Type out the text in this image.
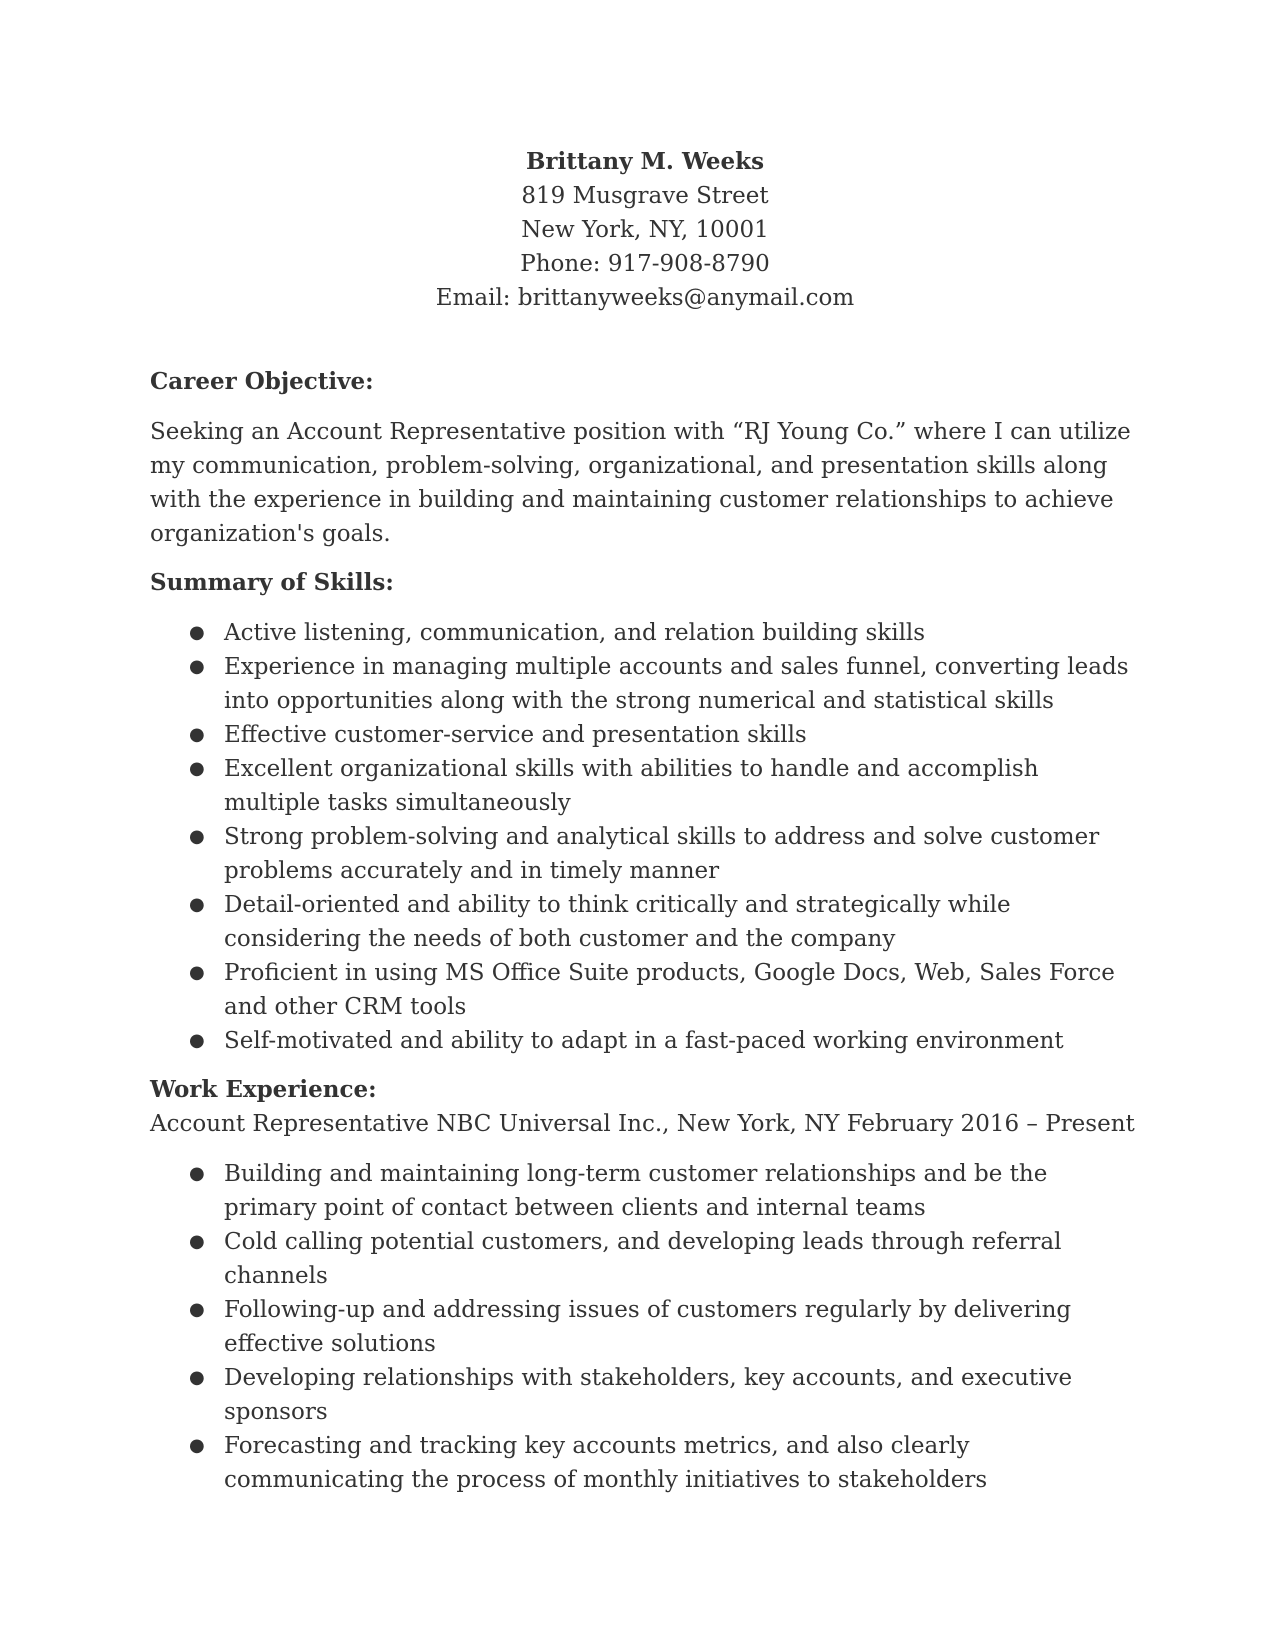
Brittany M. Weeks
819 Musgrave Street
New York, NY, 10001
Phone: 917-908-8790
Email: brittanyweeks@anymail.com

Career Objective:

Seeking an Account Representative position with “RJ Young Co.” where I can utilize my communication, problem-solving, organizational, and presentation skills along with the experience in building and maintaining customer relationships to achieve organization's goals.

Summary of Skills:

● Active listening, communication, and relation building skills
● Experience in managing multiple accounts and sales funnel, converting leads into opportunities along with the strong numerical and statistical skills
● Effective customer-service and presentation skills
● Excellent organizational skills with abilities to handle and accomplish multiple tasks simultaneously
● Strong problem-solving and analytical skills to address and solve customer problems accurately and in timely manner
● Detail-oriented and ability to think critically and strategically while considering the needs of both customer and the company
● Proficient in using MS Office Suite products, Google Docs, Web, Sales Force and other CRM tools
● Self-motivated and ability to adapt in a fast-paced working environment

Work Experience:

Account Representative NBC Universal Inc., New York, NY February 2016 – Present

● Building and maintaining long-term customer relationships and be the primary point of contact between clients and internal teams
● Cold calling potential customers, and developing leads through referral channels
● Following-up and addressing issues of customers regularly by delivering effective solutions
● Developing relationships with stakeholders, key accounts, and executive sponsors
● Forecasting and tracking key accounts metrics, and also clearly communicating the process of monthly initiatives to stakeholders
